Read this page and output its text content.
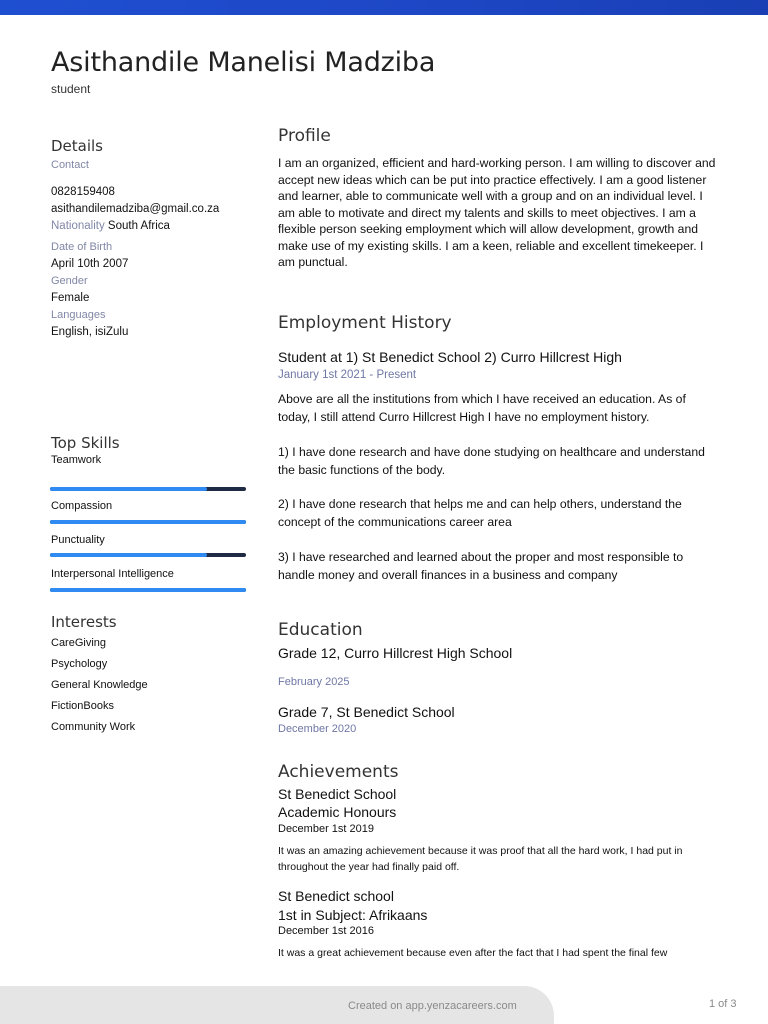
Asithandile Manelisi Madziba
student
Details
Contact
0828159408
asithandilemadziba@gmail.co.za
Nationality South Africa
Date of Birth
April 10th 2007
Gender
Female
Languages
English, isiZulu
Top Skills
Teamwork
Compassion
Punctuality
Interpersonal Intelligence
Interests
CareGiving
Psychology
General Knowledge
FictionBooks
Community Work
Profile
I am an organized, efficient and hard-working person. I am willing to discover and accept new ideas which can be put into practice effectively. I am a good listener and learner, able to communicate well with a group and on an individual level. I am able to motivate and direct my talents and skills to meet objectives. I am a flexible person seeking employment which will allow development, growth and make use of my existing skills. I am a keen, reliable and excellent timekeeper. I am punctual.
Employment History
Student at 1) St Benedict School 2) Curro Hillcrest High
January 1st 2021 - Present
Above are all the institutions from which I have received an education. As of today, I still attend Curro Hillcrest High I have no employment history.
1) I have done research and have done studying on healthcare and understand the basic functions of the body.
2) I have done research that helps me and can help others, understand the concept of the communications career area
3) I have researched and learned about the proper and most responsible to handle money and overall finances in a business and company
Education
Grade 12, Curro Hillcrest High School
February 2025
Grade 7, St Benedict School
December 2020
Achievements
St Benedict School
Academic Honours
December 1st 2019
It was an amazing achievement because it was proof that all the hard work, I had put in throughout the year had finally paid off.
St Benedict school
1st in Subject: Afrikaans
December 1st 2016
It was a great achievement because even after the fact that I had spent the final few
Created on app.yenzacareers.com	1 of 3
